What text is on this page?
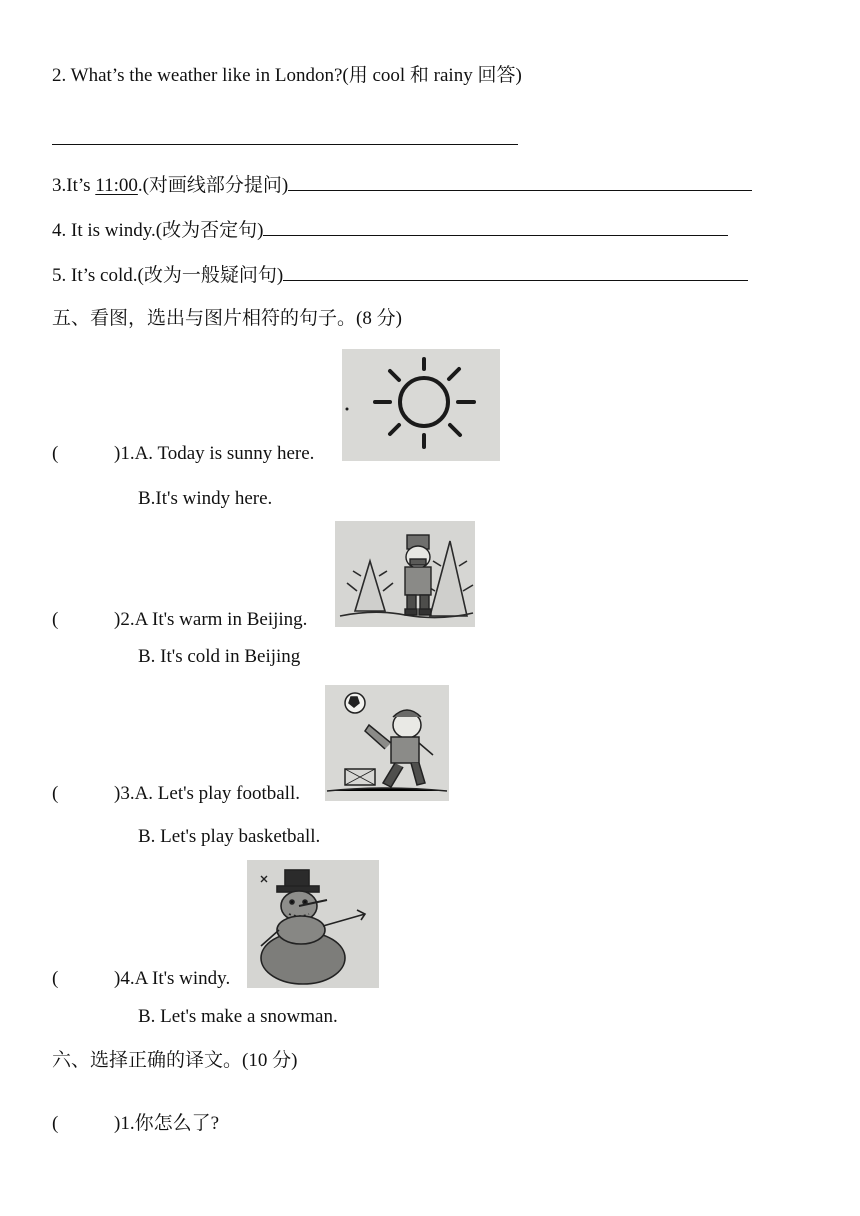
2. What’s the weather like in London?(用 cool 和 rainy 回答)
3.It’s 11:00.(对画线部分提问)
4. It is windy.(改为否定句)
5. It’s cold.(改为一般疑问句)
五、看图，选出与图片相符的句子。(8 分)
(	)1.A. Today is sunny here.
B.It's windy here.
(	)2.A It's warm in Beijing.
B. It's cold in Beijing
(	)3.A. Let's play football.
B. Let's play basketball.
(	)4.A It's windy.
B. Let's make a snowman.
六、选择正确的译文。(10 分)
(	)1.你怎么了?
